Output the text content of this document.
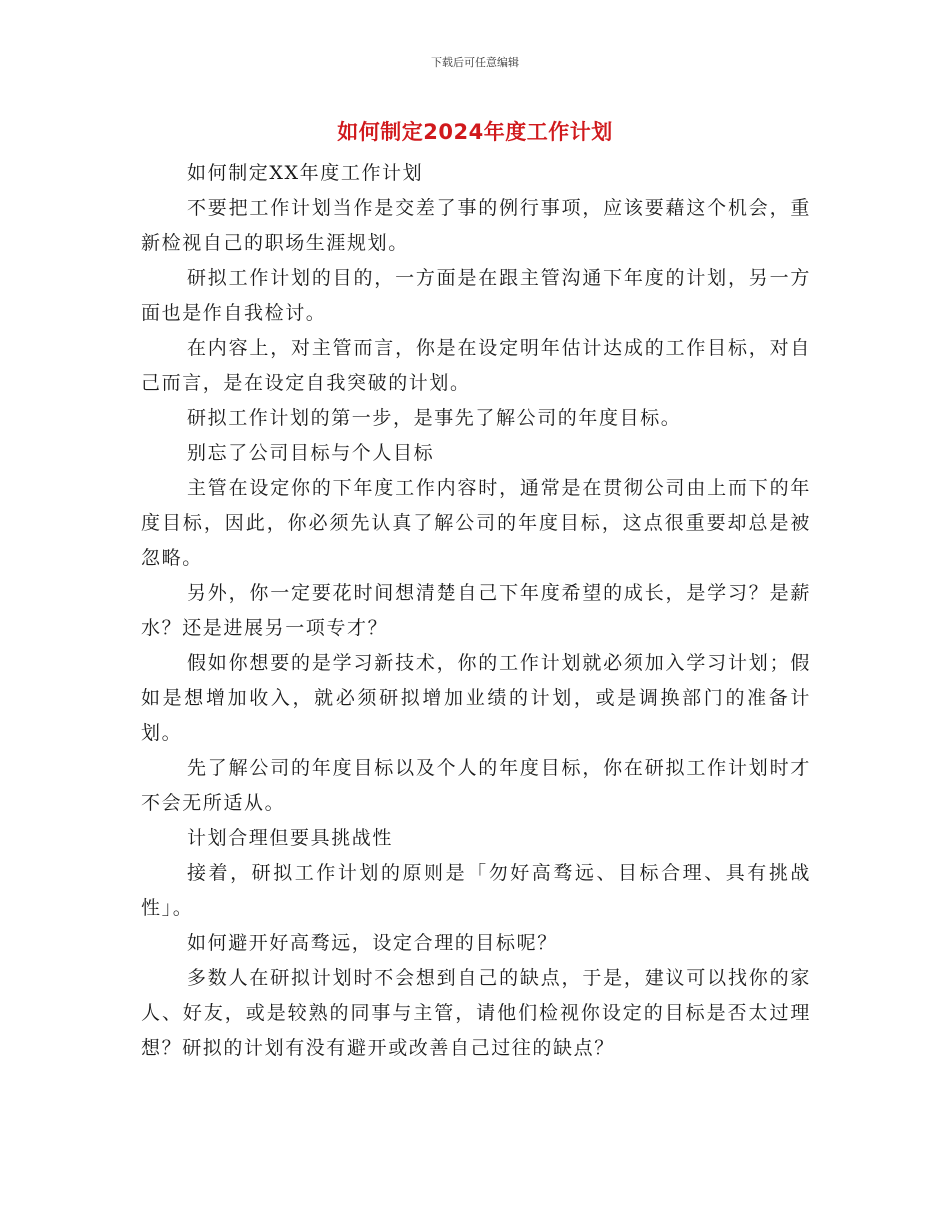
下载后可任意编辑
如何制定2024年度工作计划

如何制定XX年度工作计划

不要把工作计划当作是交差了事的例行事项，应该要藉这个机会，重新检视自己的职场生涯规划。

研拟工作计划的目的，一方面是在跟主管沟通下年度的计划，另一方面也是作自我检讨。

在内容上，对主管而言，你是在设定明年估计达成的工作目标，对自己而言，是在设定自我突破的计划。

研拟工作计划的第一步，是事先了解公司的年度目标。

别忘了公司目标与个人目标

主管在设定你的下年度工作内容时，通常是在贯彻公司由上而下的年度目标，因此，你必须先认真了解公司的年度目标，这点很重要却总是被忽略。

另外，你一定要花时间想清楚自己下年度希望的成长，是学习？是薪水？还是进展另一项专才？

假如你想要的是学习新技术，你的工作计划就必须加入学习计划；假如是想增加收入，就必须研拟增加业绩的计划，或是调换部门的准备计划。

先了解公司的年度目标以及个人的年度目标，你在研拟工作计划时才不会无所适从。

计划合理但要具挑战性

接着，研拟工作计划的原则是「勿好高骛远、目标合理、具有挑战性」。

如何避开好高骛远，设定合理的目标呢？

多数人在研拟计划时不会想到自己的缺点，于是，建议可以找你的家人、好友，或是较熟的同事与主管，请他们检视你设定的目标是否太过理想？研拟的计划有没有避开或改善自己过往的缺点？
